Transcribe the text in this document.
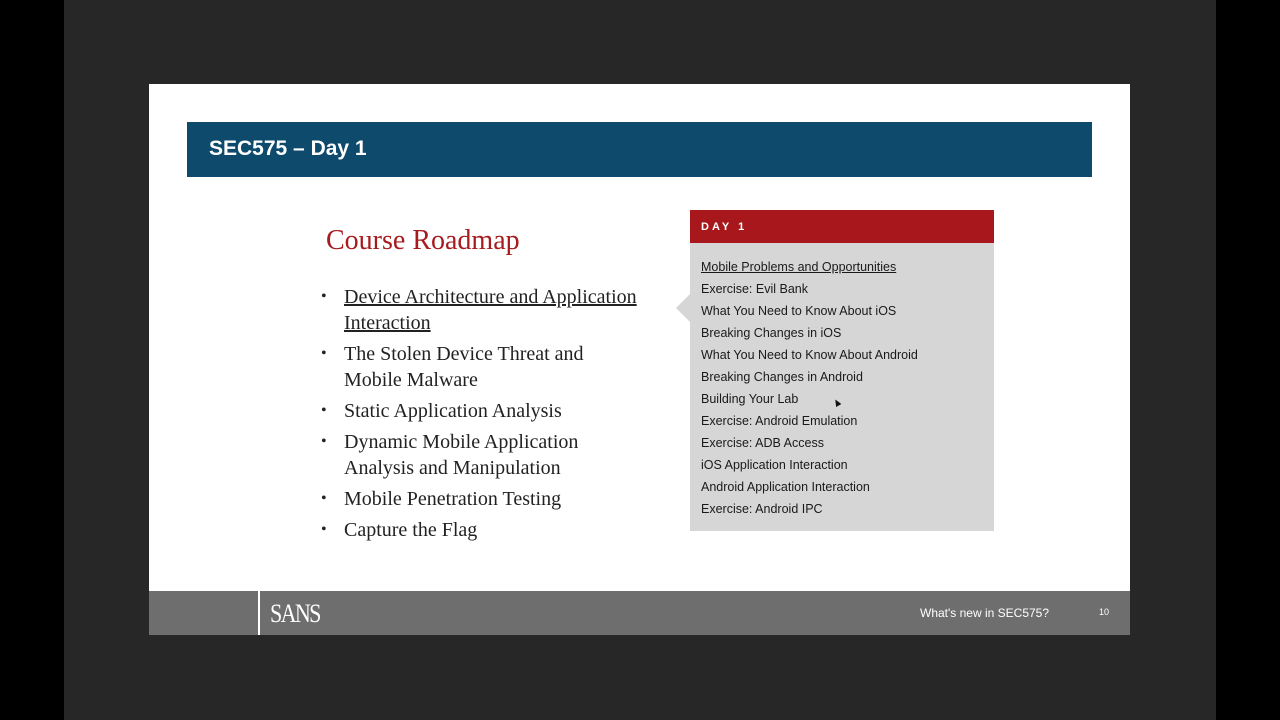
SEC575 – Day 1
Course Roadmap
• Device Architecture and Application Interaction
• The Stolen Device Threat and Mobile Malware
• Static Application Analysis
• Dynamic Mobile Application Analysis and Manipulation
• Mobile Penetration Testing
• Capture the Flag
DAY 1
Mobile Problems and Opportunities
Exercise: Evil Bank
What You Need to Know About iOS
Breaking Changes in iOS
What You Need to Know About Android
Breaking Changes in Android
Building Your Lab
Exercise: Android Emulation
Exercise: ADB Access
iOS Application Interaction
Android Application Interaction
Exercise: Android IPC
SANS	What's new in SEC575?	10
